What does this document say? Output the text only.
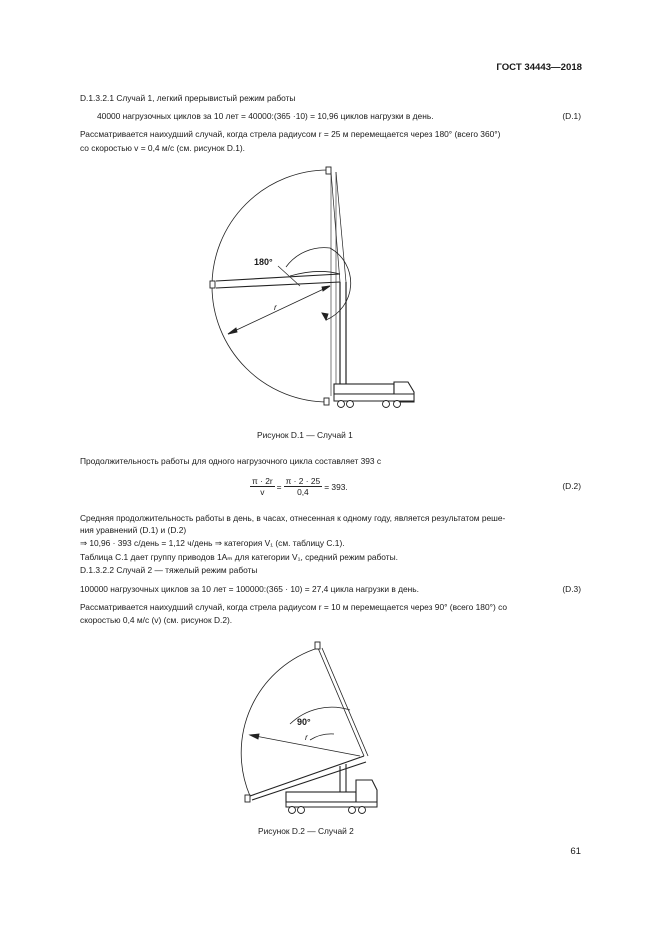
ГОСТ 34443—2018
D.1.3.2.1 Случай 1, легкий прерывистый режим работы
40000 нагрузочных циклов за 10 лет = 40000:(365 ·10) = 10,96 циклов нагрузки в день.	(D.1)
Рассматривается наихудший случай, когда стрела радиусом r = 25 м перемещается через 180° (всего 360°)
со скоростью v = 0,4 м/с (см. рисунок D.1).
180°
r
Рисунок D.1 — Случай 1
Продолжительность работы для одного нагрузочного цикла составляет 393 с
$\frac{\pi \cdot 2r}{v} = \frac{\pi \cdot 2 \cdot 25}{0,4} = 393$.	(D.2)
Средняя продолжительность работы в день, в часах, отнесенная к одному году, является результатом реше-
ния уравнений (D.1) и (D.2)
⇒ 10,96 · 393 с/день = 1,12 ч/день ⇒ категория V₁ (см. таблицу С.1).
Таблица С.1 дает группу приводов 1Aₘ для категории V₁, средний режим работы.
D.1.3.2.2 Случай 2 — тяжелый режим работы
100000 нагрузочных циклов за 10 лет = 100000:(365 · 10) = 27,4 цикла нагрузки в день.	(D.3)
Рассматривается наихудший случай, когда стрела радиусом r = 10 м перемещается через 90° (всего 180°) со
скоростью 0,4 м/с (v) (см. рисунок D.2).
90°
r
Рисунок D.2 — Случай 2
61
